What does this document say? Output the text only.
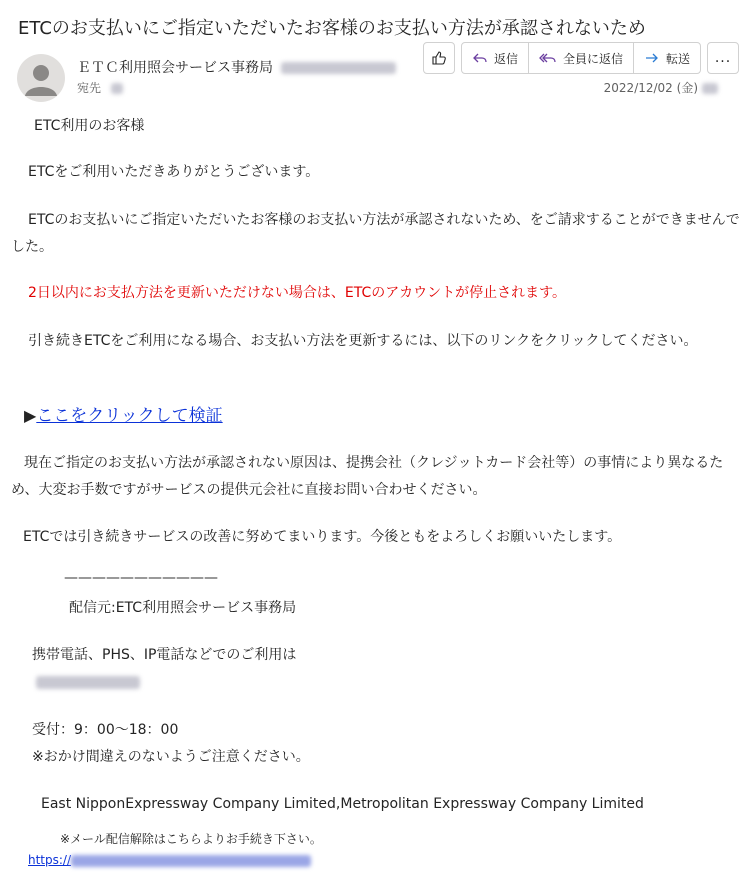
ETCのお支払いにご指定いただいたお客様のお支払い方法が承認されないため
ＥＴＣ利用照会サービス事務局
宛先
返信	全員に返信	転送 ...
2022/12/02 (金)
ETC利用のお客様
ETCをご利用いただきありがとうございます。
ETCのお支払いにご指定いただいたお客様のお支払い方法が承認されないため、をご請求することができませんでした。
2日以内にお支払方法を更新いただけない場合は、ETCのアカウントが停止されます。
引き続きETCをご利用になる場合、お支払い方法を更新するには、以下のリンクをクリックしてください。
▶ここをクリックして検証
現在ご指定のお支払い方法が承認されない原因は、提携会社（クレジットカード会社等）の事情により異なるため、大変お手数ですがサービスの提供元会社に直接お問い合わせください。
ETCでは引き続きサービスの改善に努めてまいります。今後ともをよろしくお願いいたします。
———————————
配信元:ETC利用照会サービス事務局
携帯電話、PHS、IP電話などでのご利用は
受付：9：00〜18：00
※おかけ間違えのないようご注意ください。
East NipponExpressway Company Limited,Metropolitan Expressway Company Limited
※メール配信解除はこちらよりお手続き下さい。
https://
